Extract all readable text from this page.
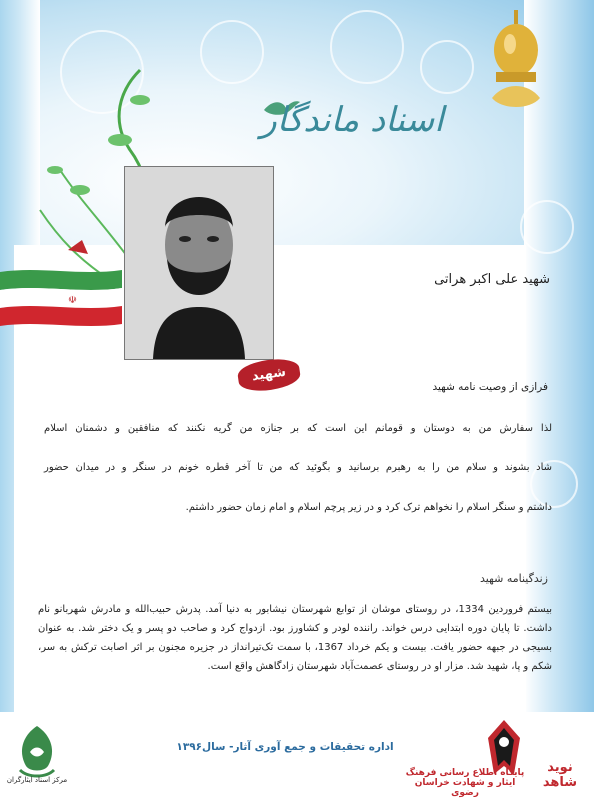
اسناد ماندگار
☫
شهید علی اکبر هراتی
شهید
فرازی از وصیت نامه شهید
لذا سفارش من به دوستان و قومانم این است که بر جنازه من گریه نکنند که منافقین و دشمنان اسلام
شاد بشوند و سلام من را به رهبرم برسانید و بگوئید که من تا آخر قطره خونم در سنگر و در میدان حضور
داشتم و سنگر اسلام را نخواهم ترک کرد و در زیر پرچم اسلام و امام زمان حضور داشتم.
زندگینامه شهید
بیستم فروردین 1334، در روستای موشان از توابع شهرستان نیشابور به دنیا آمد. پدرش حبیب‌الله و مادرش شهربانو نام داشت. تا پایان دوره ابتدایی درس خواند. راننده لودر و کشاورز بود. ازدواج کرد و صاحب دو پسر و یک دختر شد. به عنوان بسیجی در جبهه حضور یافت. بیست و یکم خرداد 1367، با سمت تک‌تیرانداز در جزیره مجنون بر اثر اصابت ترکش به سر، شکم و پا، شهید شد. مزار او در روستای عصمت‌آباد شهرستان زادگاهش واقع است.
مرکز اسناد ایثارگران
اداره تحقیقات و جمع آوری آثار- سال۱۳۹۶
پایگاه اطلاع رسانی فرهنگ ایثار و شهادت خراسان رضوی
نوید شاهد
